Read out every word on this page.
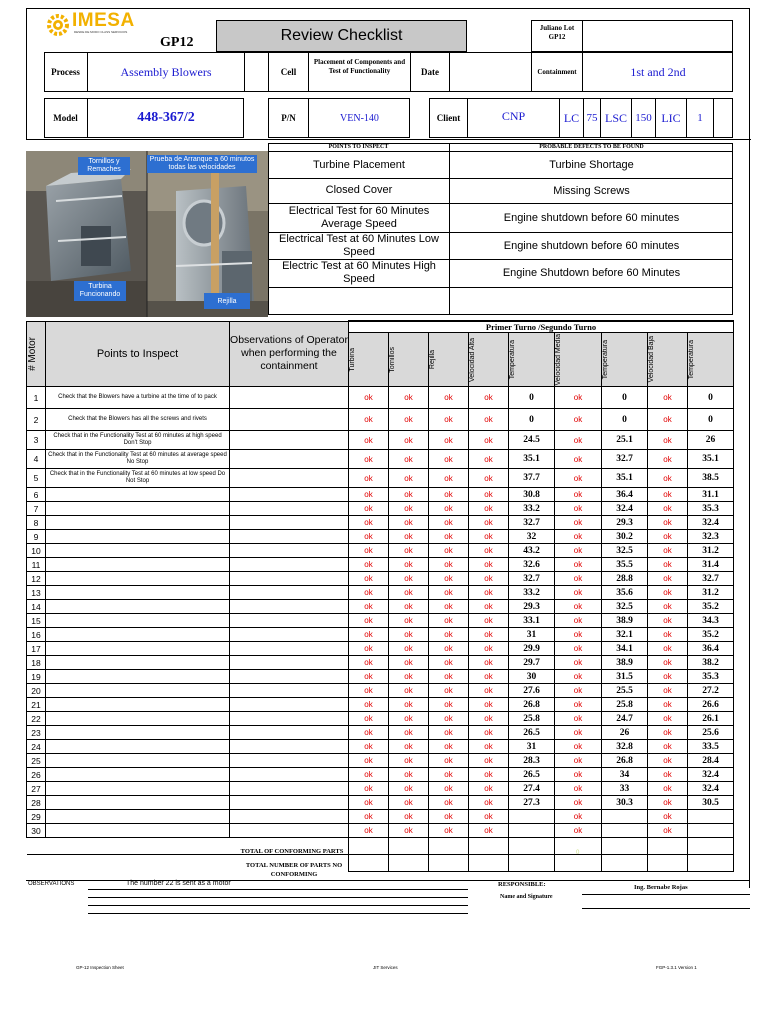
IMESA
DESDE DE MODO CLASS SERVICIOS
GP12	Review Checklist	Juliano Lot
GP12
Process	Assembly Blowers	Cell
Placement of Components and Test of Functionality	Date	Containment	1st and 2nd
Model	448-367/2	P/N	VEN-140	Client	CNP	LC 75 LSC 150 LIC	1
Tornillos y Remaches
Prueba de Arranque a 60 minutos todas las velocidades
Turbina Funcionando
Rejilla
POINTS TO INSPECT	PROBABLE DEFECTS TO BE FOUND
Turbine Placement	Turbine Shortage
Closed Cover	Missing Screws
Electrical Test for 60 Minutes Average Speed	Engine shutdown before 60 minutes
Electrical Test at 60 Minutes Low Speed	Engine shutdown before 60 minutes
Electric Test at 60 Minutes High Speed	Engine Shutdown before 60 Minutes
# Motor	Points to Inspect	Observations of Operator when performing the containment	Primer Turno /Segundo Turno								

			Turbina	Tornillos	Rejilla	Velocidad Alta	Temperatura	Velocidad Media	Temperatura	Velocidad Baja	Temperatura

1	Check that the Blowers have a turbine at the time of to pack		ok	ok	ok	ok	0	ok	0	ok	0
2	Check that the Blowers has all the screws and rivets		ok	ok	ok	ok	0	ok	0	ok	0
3	Check that in the Functionality Test at 60 minutes at high speed Don't Stop		ok	ok	ok	ok	24.5	ok	25.1	ok	26
4	Check that in the Functionality Test at 60 minutes at average speed No Stop		ok	ok	ok	ok	35.1	ok	32.7	ok	35.1
5	Check that in the Functionality Test at 60 minutes at low speed Do Not Stop		ok	ok	ok	ok	37.7	ok	35.1	ok	38.5
6			ok	ok	ok	ok	30.8	ok	36.4	ok	31.1
7			ok	ok	ok	ok	33.2	ok	32.4	ok	35.3
8			ok	ok	ok	ok	32.7	ok	29.3	ok	32.4
9			ok	ok	ok	ok	32	ok	30.2	ok	32.3
10			ok	ok	ok	ok	43.2	ok	32.5	ok	31.2
11			ok	ok	ok	ok	32.6	ok	35.5	ok	31.4
12			ok	ok	ok	ok	32.7	ok	28.8	ok	32.7
13			ok	ok	ok	ok	33.2	ok	35.6	ok	31.2
14			ok	ok	ok	ok	29.3	ok	32.5	ok	35.2
15			ok	ok	ok	ok	33.1	ok	38.9	ok	34.3
16			ok	ok	ok	ok	31	ok	32.1	ok	35.2
17			ok	ok	ok	ok	29.9	ok	34.1	ok	36.4
18			ok	ok	ok	ok	29.7	ok	38.9	ok	38.2
19			ok	ok	ok	ok	30	ok	31.5	ok	35.3
20			ok	ok	ok	ok	27.6	ok	25.5	ok	27.2
21			ok	ok	ok	ok	26.8	ok	25.8	ok	26.6
22			ok	ok	ok	ok	25.8	ok	24.7	ok	26.1
23			ok	ok	ok	ok	26.5	ok	26	ok	25.6
24			ok	ok	ok	ok	31	ok	32.8	ok	33.5
25			ok	ok	ok	ok	28.3	ok	26.8	ok	28.4
26			ok	ok	ok	ok	26.5	ok	34	ok	32.4
27			ok	ok	ok	ok	27.4	ok	33	ok	32.4
28			ok	ok	ok	ok	27.3	ok	30.3	ok	30.5
29			ok	ok	ok	ok		ok		ok	
30			ok	ok	ok	ok		ok		ok	

TOTAL OF CONFORMING PARTS
TOTAL NUMBER OF PARTS NO CONFORMING
0
OBSERVATIONS	The number 22 is sent as a motor	RESPONSIBLE:	Ing. Bernabe Rojas
Name and Signature
GP-12 Inspection Sheet	JIT Services	FGP-1.3.1 Version 1
